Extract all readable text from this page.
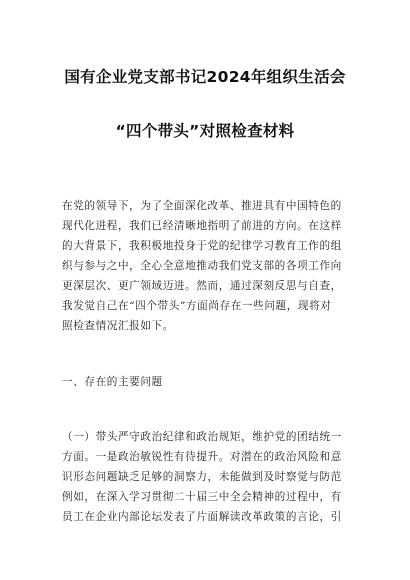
国有企业党支部书记2024年组织生活会
“四个带头”对照检查材料
在党的领导下，为了全面深化改革、推进具有中国特色的
现代化进程，我们已经清晰地指明了前进的方向。在这样
的大背景下，我积极地投身于党的纪律学习教育工作的组
织与参与之中，全心全意地推动我们党支部的各项工作向
更深层次、更广领域迈进。然而，通过深刻反思与自查，
我发觉自己在“四个带头”方面尚存在一些问题，现将对
照检查情况汇报如下。
一、存在的主要问题
（一）带头严守政治纪律和政治规矩，维护党的团结统一
方面。一是政治敏锐性有待提升。对潜在的政治风险和意
识形态问题缺乏足够的洞察力，未能做到及时察觉与防范
例如，在深入学习贯彻二十届三中全会精神的过程中，有
员工在企业内部论坛发表了片面解读改革政策的言论，引
